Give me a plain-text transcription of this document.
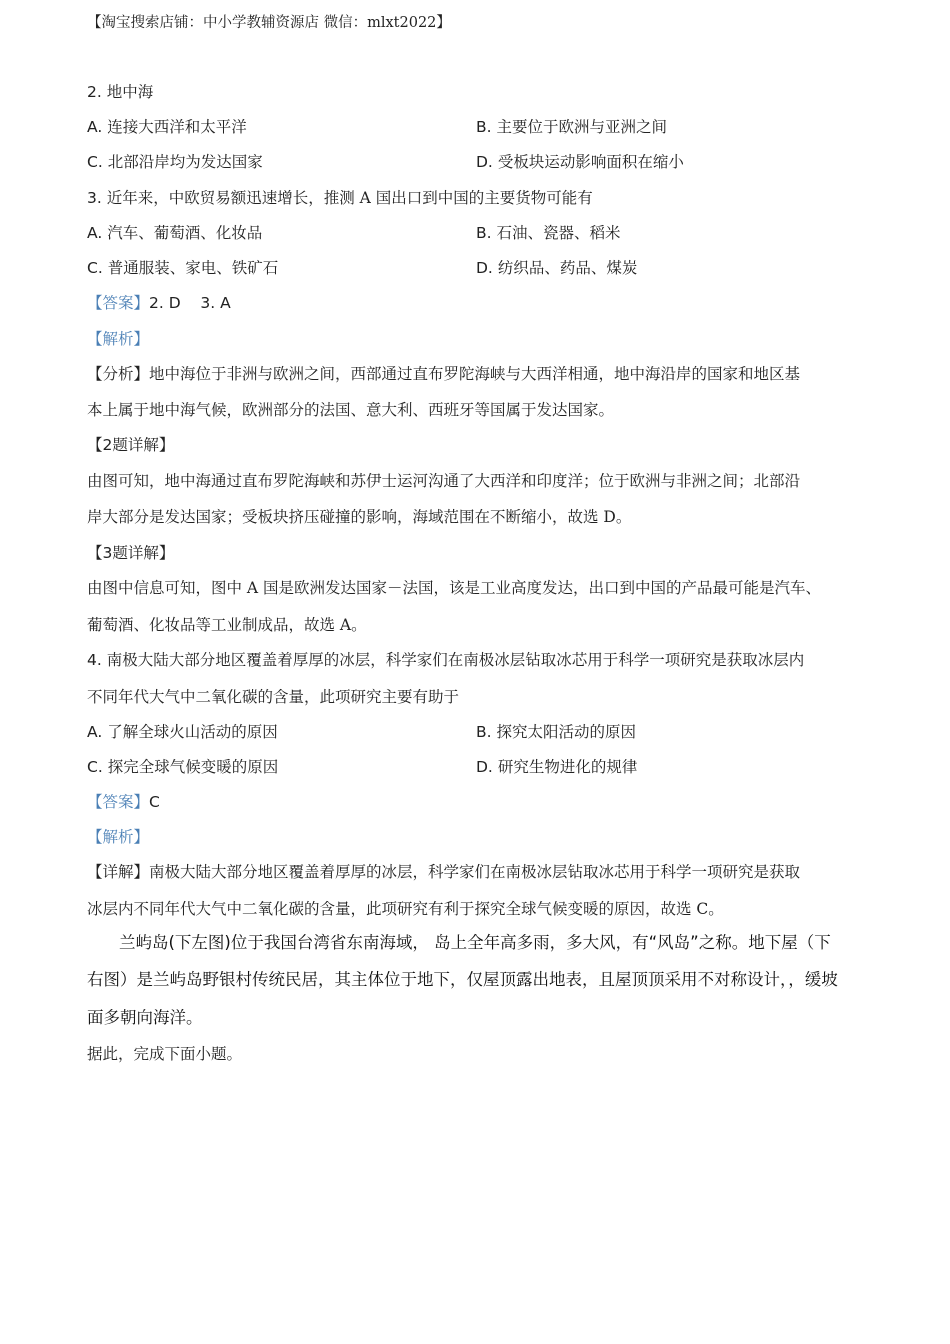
【淘宝搜索店铺：中小学教辅资源店 微信：mlxt2022】
2. 地中海
A. 连接大西洋和太平洋	B. 主要位于欧洲与亚洲之间
C. 北部沿岸均为发达国家	D. 受板块运动影响面积在缩小
3. 近年来，中欧贸易额迅速增长，推测 A 国出口到中国的主要货物可能有
A. 汽车、葡萄酒、化妆品	B. 石油、瓷器、稻米
C. 普通服装、家电、铁矿石	D. 纺织品、药品、煤炭
【答案】2. D    3. A
【解析】
【分析】地中海位于非洲与欧洲之间，西部通过直布罗陀海峡与大西洋相通，地中海沿岸的国家和地区基
本上属于地中海气候，欧洲部分的法国、意大利、西班牙等国属于发达国家。
【2题详解】
由图可知，地中海通过直布罗陀海峡和苏伊士运河沟通了大西洋和印度洋；位于欧洲与非洲之间；北部沿
岸大部分是发达国家；受板块挤压碰撞的影响，海域范围在不断缩小，故选 D。
【3题详解】
由图中信息可知，图中 A 国是欧洲发达国家－法国，该是工业高度发达，出口到中国的产品最可能是汽车、
葡萄酒、化妆品等工业制成品，故选 A。
4. 南极大陆大部分地区覆盖着厚厚的冰层，科学家们在南极冰层钻取冰芯用于科学一项研究是获取冰层内
不同年代大气中二氧化碳的含量，此项研究主要有助于
A. 了解全球火山活动的原因	B. 探究太阳活动的原因
C. 探完全球气候变暖的原因	D. 研究生物进化的规律
【答案】C
【解析】
【详解】南极大陆大部分地区覆盖着厚厚的冰层，科学家们在南极冰层钻取冰芯用于科学一项研究是获取
冰层内不同年代大气中二氧化碳的含量，此项研究有利于探究全球气候变暖的原因，故选 C。
兰屿岛(下左图)位于我国台湾省东南海域， 岛上全年高多雨，多大风，有“风岛”之称。地下屋（下
右图）是兰屿岛野银村传统民居，其主体位于地下，仅屋顶露出地表，且屋顶顶采用不对称设计，，缓坡
面多朝向海洋。
据此，完成下面小题。
